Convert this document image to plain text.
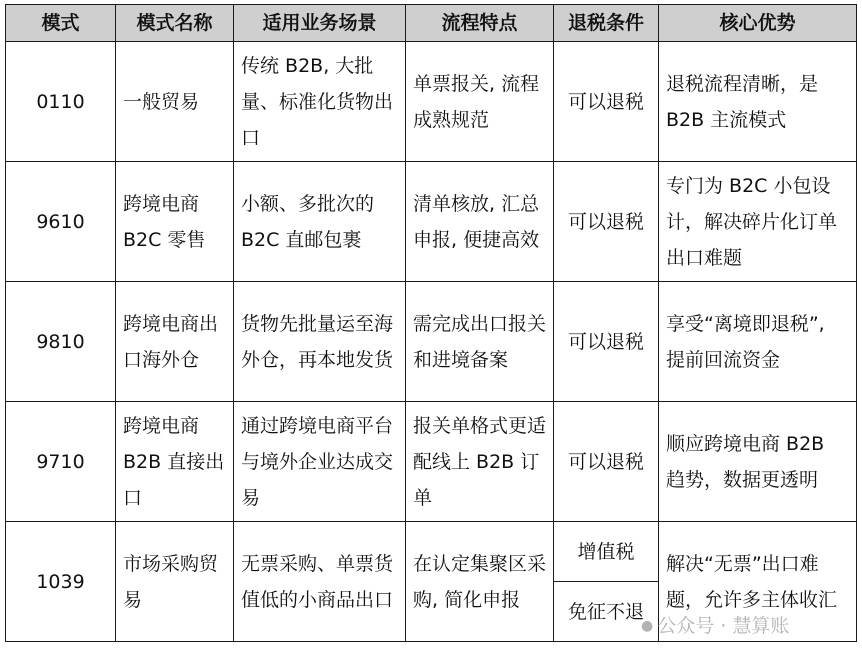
模式	模式名称	适用业务场景	流程特点	退税条件	核心优势
0110	一般贸易	传统 B2B, 大批量、标准化货物出口	单票报关, 流程成熟规范	可以退税	退税流程清晰，是 B2B 主流模式
9610	跨境电商 B2C 零售	小额、多批次的 B2C 直邮包裹	清单核放, 汇总申报, 便捷高效	可以退税	专门为 B2C 小包设计，解决碎片化订单出口难题
9810	跨境电商出口海外仓	货物先批量运至海外仓，再本地发货	需完成出口报关和进境备案	可以退税	享受“离境即退税”, 提前回流资金
9710	跨境电商 B2B 直接出口	通过跨境电商平台与境外企业达成交易	报关单格式更适配线上 B2B 订单	可以退税	顺应跨境电商 B2B 趋势，数据更透明
1039	市场采购贸易	无票采购、单票货值低的小商品出口	在认定集聚区采购, 简化申报	增值税	解决“无票”出口难题，允许多主体收汇
				免征不退	
● 公众号 · 慧算账
